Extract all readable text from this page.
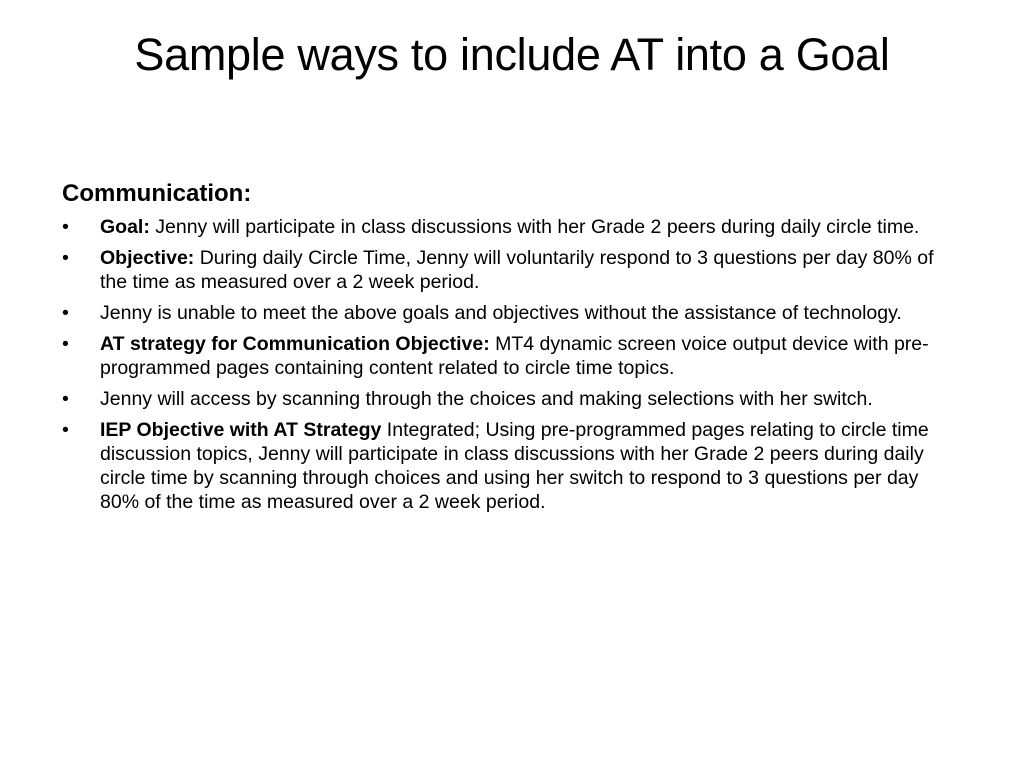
Sample ways to include AT into a Goal
Communication:
•	Goal: Jenny will participate in class discussions with her Grade 2 peers during daily circle time.
•	Objective: During daily Circle Time, Jenny will voluntarily respond to 3 questions per day 80% of the time as measured over a 2 week period.
•	Jenny is unable to meet the above goals and objectives without the assistance of technology.
•	AT strategy for Communication Objective: MT4 dynamic screen voice output device with pre-programmed pages containing content related to circle time topics.
•	Jenny will access by scanning through the choices and making selections with her switch.
•	IEP Objective with AT Strategy Integrated; Using pre-programmed pages relating to circle time discussion topics, Jenny will participate in class discussions with her Grade 2 peers during daily circle time by scanning through choices and using her switch to respond to 3 questions per day 80% of the time as measured over a 2 week period.
